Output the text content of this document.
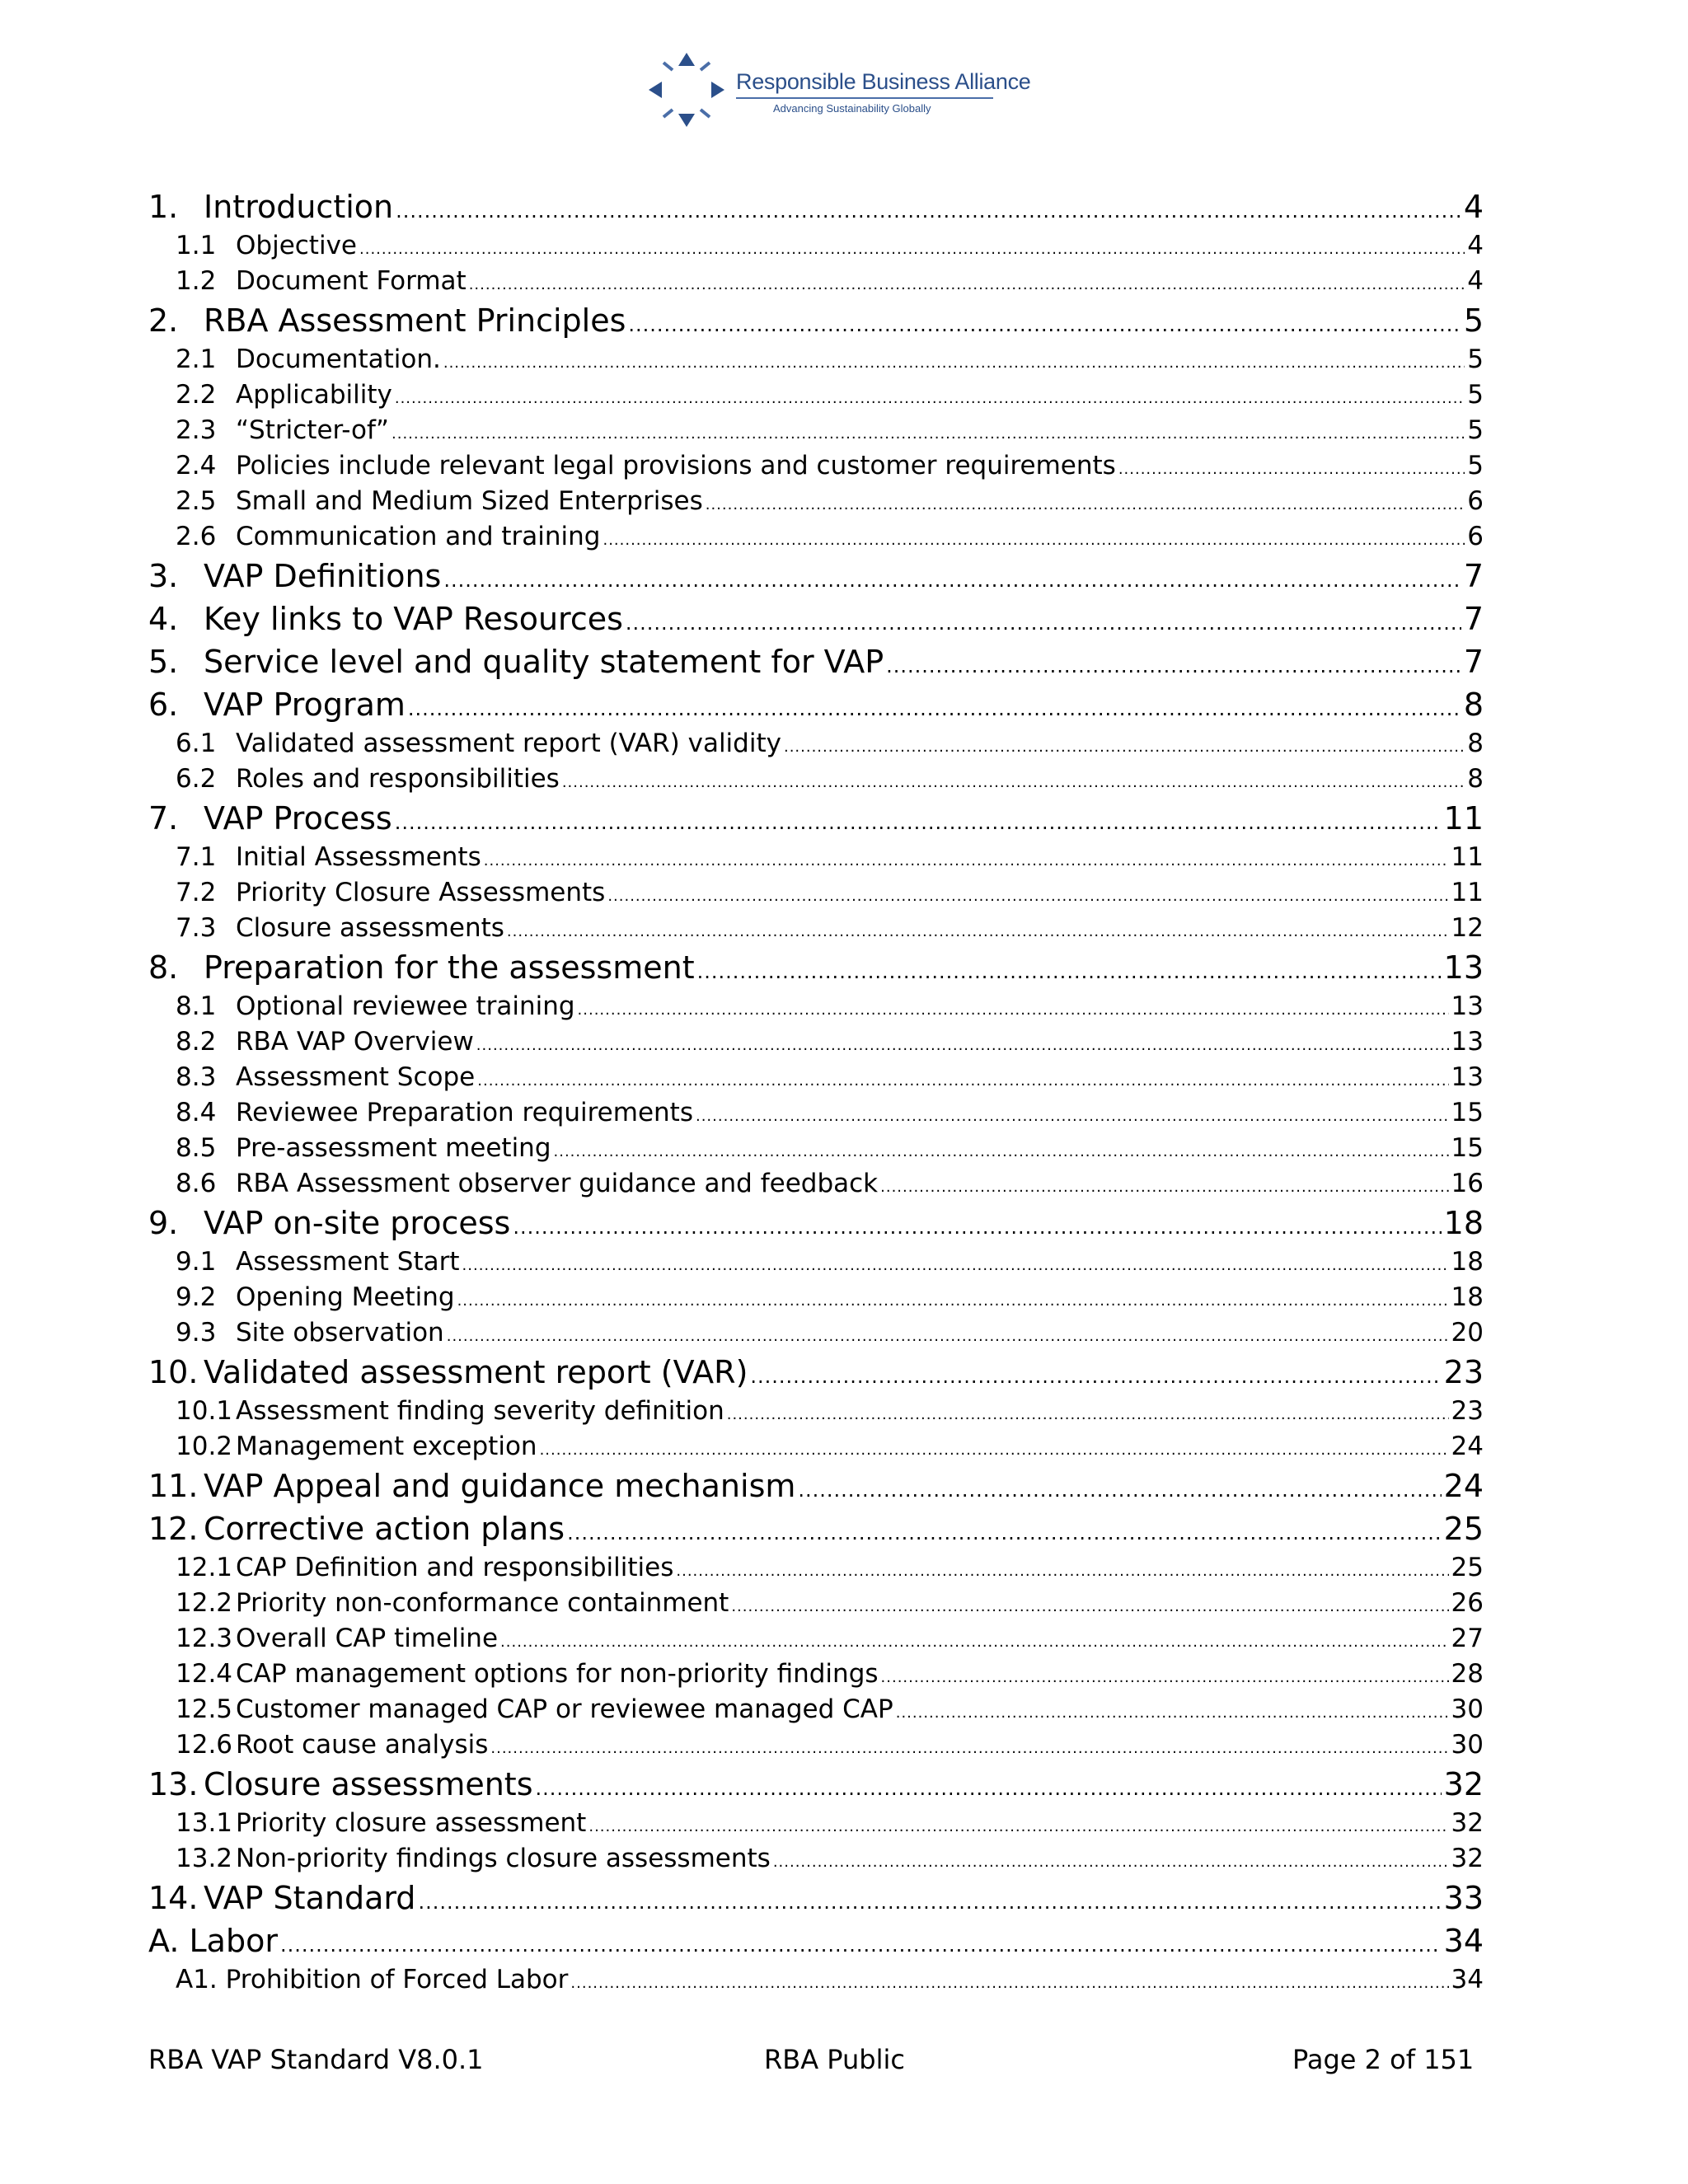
Responsible Business Alliance
Advancing Sustainability Globally
1. Introduction .....	4
1.1 Objective .....	4
1.2 Document Format .....	4
2. RBA Assessment Principles .....	5
2.1 Documentation. .....	5
2.2 Applicability .....	5
2.3 “Stricter-of” .....	5
2.4 Policies include relevant legal provisions and customer requirements .....	5
2.5 Small and Medium Sized Enterprises .....	6
2.6 Communication and training .....	6
3. VAP Definitions .....	7
4. Key links to VAP Resources .....	7
5. Service level and quality statement for VAP .....	7
6. VAP Program .....	8
6.1 Validated assessment report (VAR) validity .....	8
6.2 Roles and responsibilities .....	8
7. VAP Process .....	11
7.1 Initial Assessments .....	11
7.2 Priority Closure Assessments .....	11
7.3 Closure assessments .....	12
8. Preparation for the assessment .....	13
8.1 Optional reviewee training .....	13
8.2 RBA VAP Overview .....	13
8.3 Assessment Scope .....	13
8.4 Reviewee Preparation requirements .....	15
8.5 Pre-assessment meeting .....	15
8.6 RBA Assessment observer guidance and feedback .....	16
9. VAP on-site process .....	18
9.1 Assessment Start .....	18
9.2 Opening Meeting .....	18
9.3 Site observation .....	20
10. Validated assessment report (VAR) .....	23
10.1 Assessment finding severity definition .....	23
10.2 Management exception .....	24
11. VAP Appeal and guidance mechanism .....	24
12. Corrective action plans .....	25
12.1 CAP Definition and responsibilities .....	25
12.2 Priority non-conformance containment .....	26
12.3 Overall CAP timeline .....	27
12.4 CAP management options for non-priority findings .....	28
12.5 Customer managed CAP or reviewee managed CAP .....	30
12.6 Root cause analysis .....	30
13. Closure assessments .....	32
13.1 Priority closure assessment .....	32
13.2 Non-priority findings closure assessments .....	32
14. VAP Standard .....	33
A. Labor .....	34
A1. Prohibition of Forced Labor .....	34
RBA VAP Standard V8.0.1	RBA Public	Page 2 of 151
